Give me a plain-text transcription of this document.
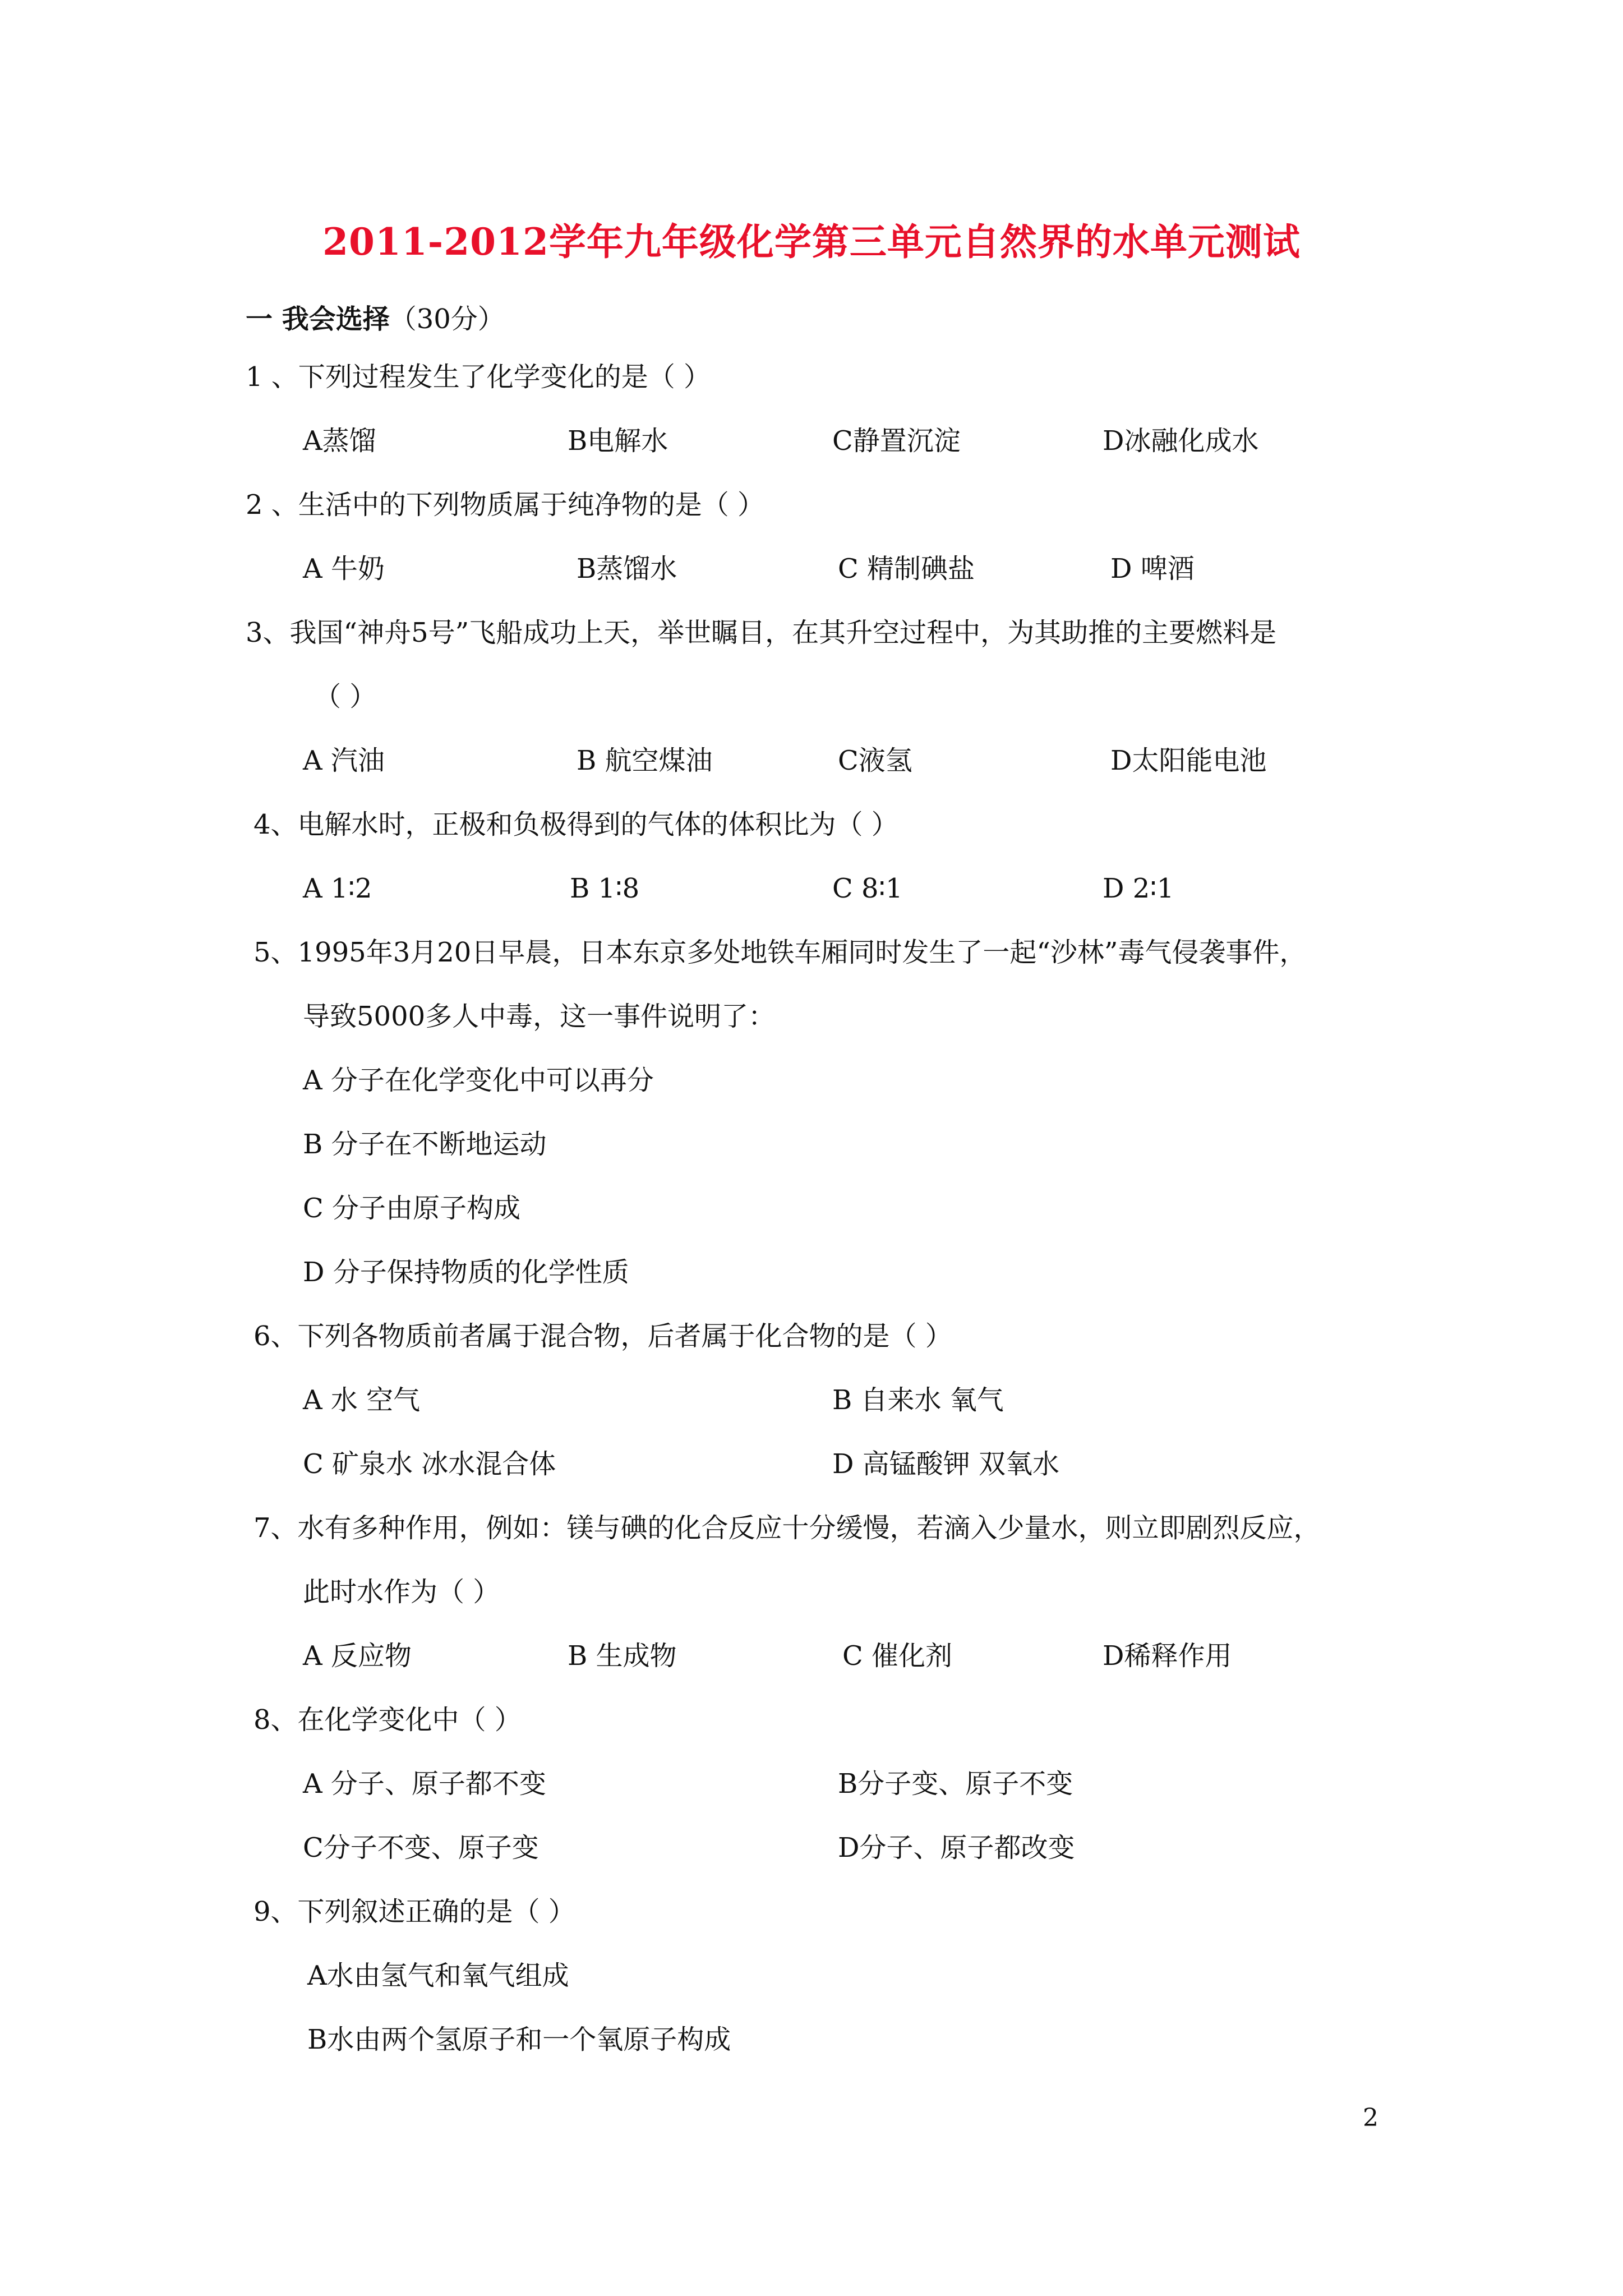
2011-2012学年九年级化学第三单元自然界的水单元测试
一 我会选择（30分）
1 、下列过程发生了化学变化的是（ ）
A蒸馏	B电解水	C静置沉淀	D冰融化成水
2 、生活中的下列物质属于纯净物的是（ ）
A 牛奶	B蒸馏水	C 精制碘盐	D 啤酒
3、我国“神舟5号”飞船成功上天，举世瞩目，在其升空过程中，为其助推的主要燃料是
（ ）
A 汽油	B 航空煤油	C液氢	D太阳能电池
4、电解水时，正极和负极得到的气体的体积比为（ ）
A 1∶2	B 1∶8	C 8∶1	D 2∶1
5、1995年3月20日早晨，日本东京多处地铁车厢同时发生了一起“沙林”毒气侵袭事件，
导致5000多人中毒，这一事件说明了：
A 分子在化学变化中可以再分
B 分子在不断地运动
C 分子由原子构成
D 分子保持物质的化学性质
6、下列各物质前者属于混合物，后者属于化合物的是（ ）
A 水 空气	B 自来水 氧气
C 矿泉水 冰水混合体	D 高锰酸钾 双氧水
7、水有多种作用，例如：镁与碘的化合反应十分缓慢，若滴入少量水，则立即剧烈反应，
此时水作为（ ）
A 反应物	B 生成物	C 催化剂	D稀释作用
8、在化学变化中（ ）
A 分子、原子都不变	B分子变、原子不变
C分子不变、原子变	D分子、原子都改变
9、下列叙述正确的是（ ）
A水由氢气和氧气组成
B水由两个氢原子和一个氧原子构成
2
